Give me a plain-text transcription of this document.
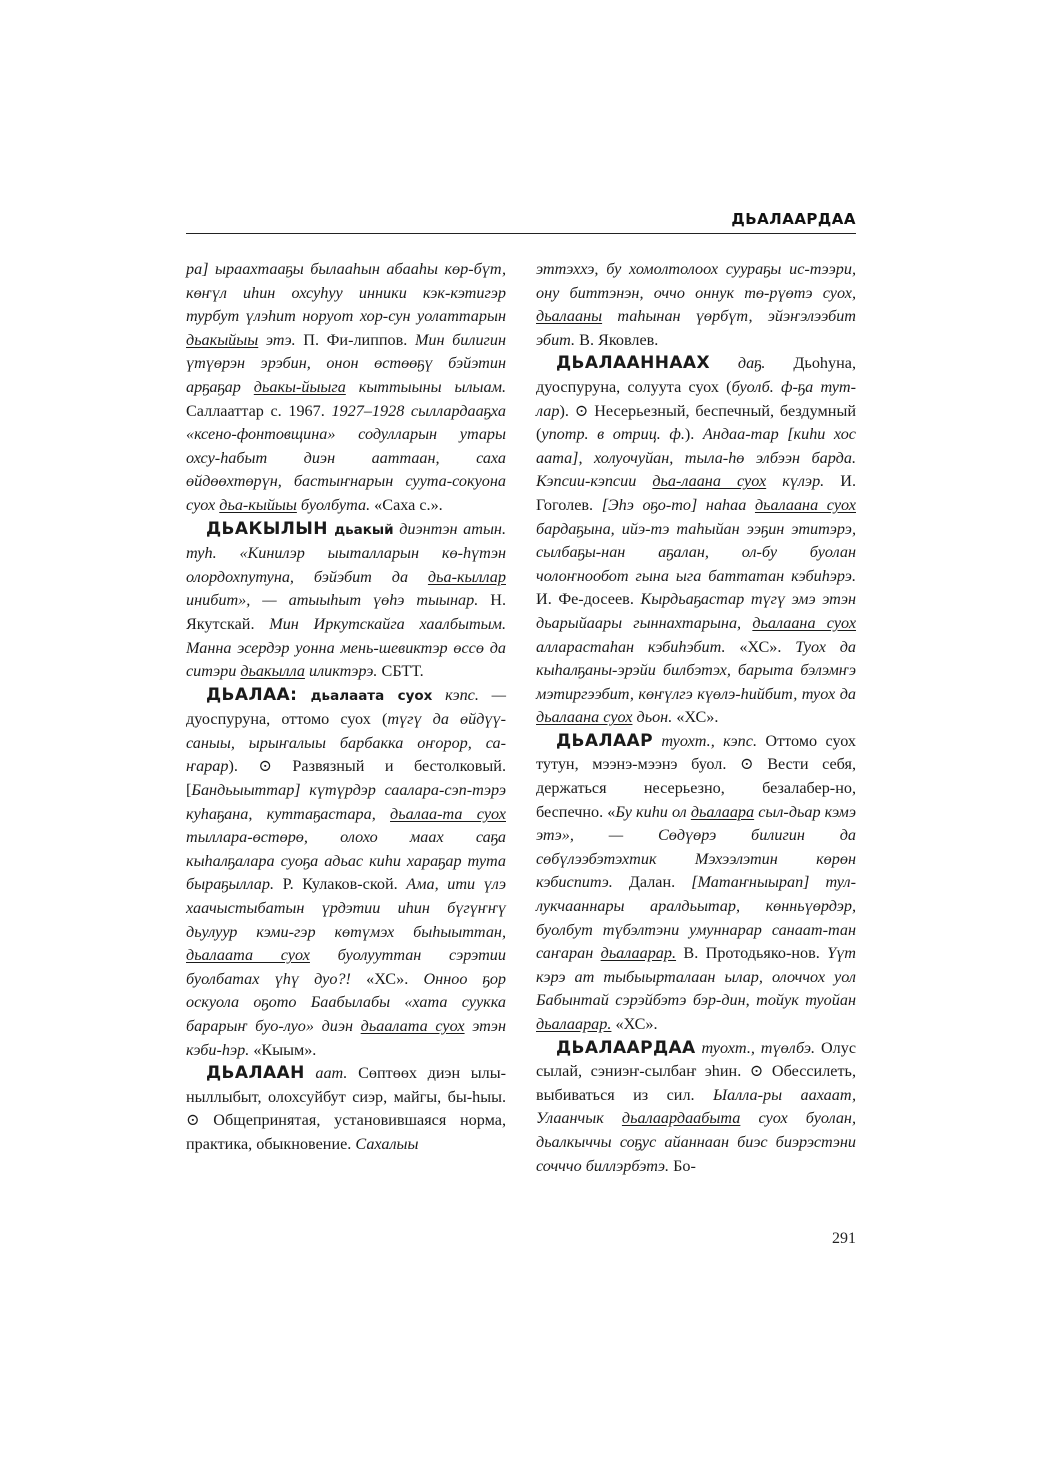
ДЬАЛААРДАА

ра] ыраахтааҕы былааһын абааһы көр-бүт, көҥүл иһин охсуһуу инники кэк-кэтигэр турбут үлэһит норуот хор-сун уолаттарын дьакыйыы этэ. П. Фи-липпов. Мин билигин үтүөрэн эрэбин, онон өстөөҕү бэйэтин арҕаҕар дьакы-йыыга кыттыыны ылыам. Саллааттар с. 1967. 1927–1928 сыллардааҕха «ксено-фонтовщина» содулларын утары охсу-һабыт диэн ааттаан, саха өйдөөхтөрүн, бастыҥнарын суута-сокуона суох дьа-кыйыы буолбута. «Саха с.».

ДЬАКЫЛЫН дьакый диэнтэн атын. туһ. «Кинилэр ыыталларын кө-һүтэн олордохпутуна, бэйэбит да дьа-кыллар инибит», — атыыһыт үөһэ тыынар. Н. Якутскай. Мин Иркутскайга хаалбытым. Манна эсердэр уонна мень-шевиктэр өссө да ситэри дьакылла иликтэрэ. СБТТ.

ДЬАЛАА: дьалаата суох кэпс. — дуоспуруна, оттомо суох (түгү да өйдүү-саныы, ырыҥалыы барбакка оҥорор, са-ҥарар). ⊙ Развязный и бестолковый. [Бандьыыттар] күтүрдэр саалара-сэп-тэрэ куһаҕана, куттаҕастара, дьалаа-та суох тыллара-өстөрө, олохо маах саҕа кыһалҕалара суоҕа адьас киһи хараҕар тута быраҕыллар. Р. Кулаков-ской. Ама, ити үлэ хаачыстыбатын үрдэтии иһин бүгүҥҥү дьулуур кэми-гэр көтүмэх быһыыттан, дьалаата суох буолууттан сэрэтии буолбатах үһү дуо?! «ХС». Онноо ҕор оскуола оҕото Баабылабы «хата суукка барарыҥ буо-луо» диэн дьаалата суох этэн кэби-һэр. «Кыым».

ДЬАЛААН аат. Сөптөөх диэн ылы-ныллыбыт, олохсуйбут сиэр, майгы, бы-һыы. ⊙ Общепринятая, установившаяся норма, практика, обыкновение. Сахалыы

эттэххэ, бу хомолтолоох суураҕы ис-тээри, ону биттэнэн, оччо оннук тө-рүөтэ суох, дьалааны таһынан үөрбүт, эйэҥэлээбит эбит. В. Яковлев.

ДЬАЛААННААХ даҕ. Дьоһуна, дуоспуруна, солуута суох (буолб. ф-ҕа тут-лар). ⊙ Несерьезный, беспечный, бездумный (употр. в отриц. ф.). Андаа-тар [киһи хос аата], холуочуйан, тыла-һө элбээн барда. Кэпсии-кэпсии дьа-лаана суох күлэр. И. Гоголев. [Эһэ оҕо-то] наһаа дьалаана суох бардаҕына, ийэ-тэ таһыйан ээҕин этитэрэ, сылбаҕы-нан аҕалан, ол-бу буолан чолоҥнообот гына ыга баттатан кэбиһэрэ. И. Фе-досеев. Кырдьаҕастар түгү эмэ этэн дьарыйаары гыннахтарына, дьалаана суох алларастаһан кэбиһэбит. «ХС». Туох да кыһалҕаны-эрэйи билбэтэх, барыта бэлэмҥэ мэтиргээбит, көҥүлгэ күөлэ-һийбит, туох да дьалаана суох дьон. «ХС».

ДЬАЛААР туохт., кэпс. Оттомо суох тутун, мээнэ-мээнэ буол. ⊙ Вести себя, держаться несерьезно, безалабер-но, беспечно. «Бу киһи ол дьалаара сыл-дьар кэмэ этэ», — Сөдүөрэ билигин да сөбүлээбэтэхтик Мэхээлэтин көрөн кэбиспитэ. Далан. [Матаҥныырап] тул-лукчааннары аралдьытар, көнньүөрдэр, буолбут түбэлтэни умуннарар санаат-тан саҥаран дьалаарар. В. Протодьяко-нов. Үүт кэрэ ат тыбыырталаан ылар, олоччох уол Бабынтай сэрэйбэтэ бэр-дин, тойук туойан дьалаарар. «ХС».

ДЬАЛААРДАА туохт., түөлбэ. Олус сылай, сэниэҥ-сылбаҥ эһин. ⊙ Обессилеть, выбиваться из сил. Ыалла-ры аахаат, Улаанчык дьалаардаабыта суох буолан, дьалкыччы соҕус айаннаан биэс биэрэстэни сочччо биллэрбэтэ. Бо-

291
